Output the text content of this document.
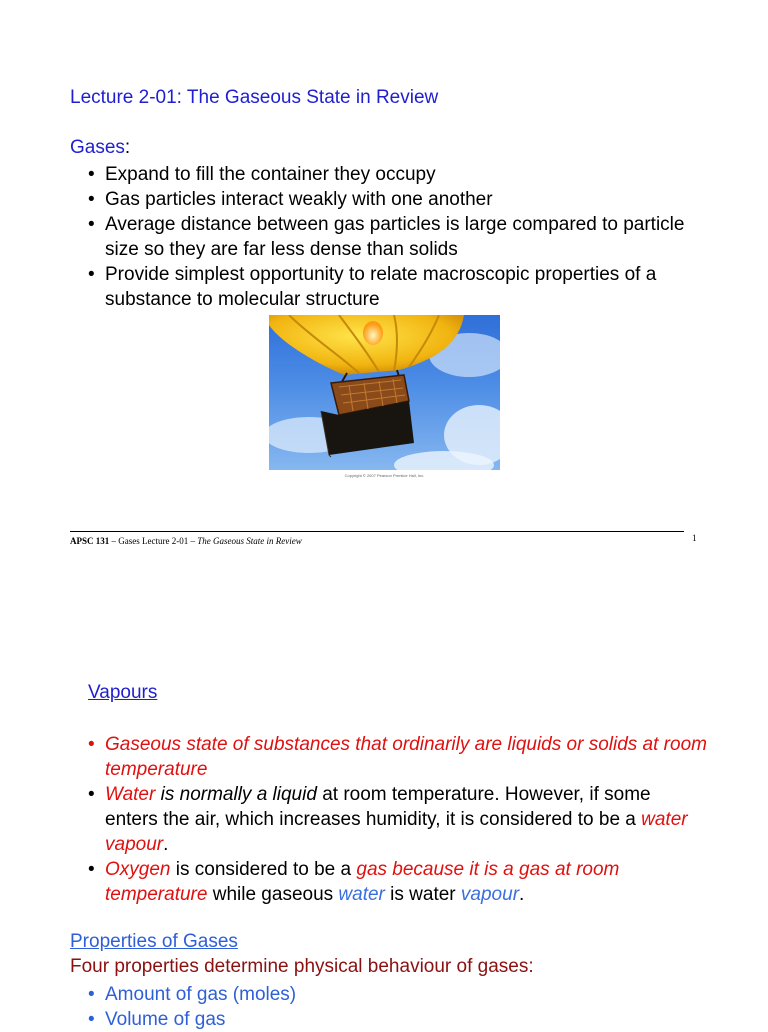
Lecture 2-01: The Gaseous State in Review
Gases:
• Expand to fill the container they occupy
• Gas particles interact weakly with one another
• Average distance between gas particles is large compared to particle size so they are far less dense than solids
• Provide simplest opportunity to relate macroscopic properties of a substance to molecular structure
Copyright © 2007 Pearson Prentice Hall, Inc.
APSC 131 – Gases Lecture 2-01 – The Gaseous State in Review	1
Vapours
• Gaseous state of substances that ordinarily are liquids or solids at room temperature
• Water is normally a liquid at room temperature. However, if some enters the air, which increases humidity, it is considered to be a water vapour.
• Oxygen is considered to be a gas because it is a gas at room temperature while gaseous water is water vapour.
Properties of Gases
Four properties determine physical behaviour of gases:
• Amount of gas (moles)
• Volume of gas
